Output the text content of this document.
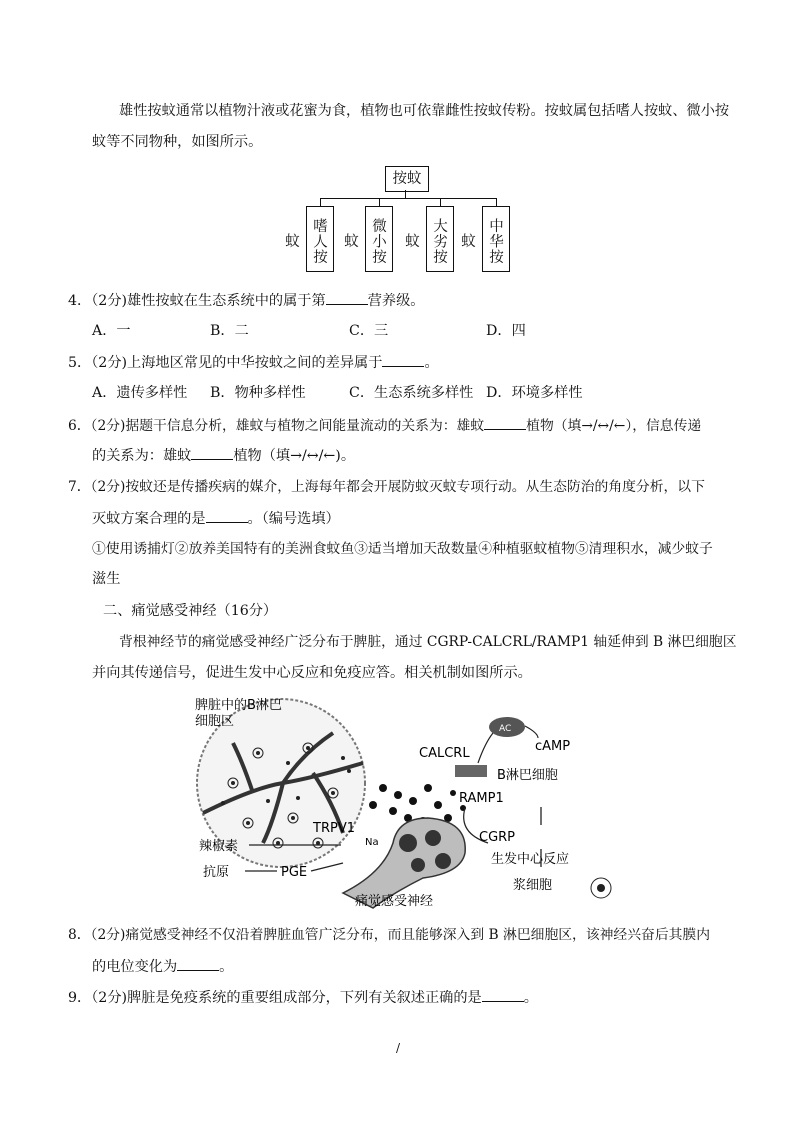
雄性按蚊通常以植物汁液或花蜜为食，植物也可依靠雌性按蚊传粉。按蚊属包括嗜人按蚊、微小按
蚊等不同物种，如图所示。
按蚊
嗜人按蚊	微小按蚊	大劣按蚊	中华按蚊
4．（2分)雄性按蚊在生态系统中的属于第	营养级。
A．一	B．二	C．三	D．四
5．（2分)上海地区常见的中华按蚊之间的差异属于	。
A．遗传多样性 B．物种多样性	C．生态系统多样性 D．环境多样性
6．（2分)据题干信息分析，雄蚊与植物之间能量流动的关系为：雄蚊	植物（填→/↔/←），信息传递
的关系为：雄蚊	植物（填→/↔/←)。
7．（2分)按蚊还是传播疾病的媒介，上海每年都会开展防蚊灭蚊专项行动。从生态防治的角度分析，以下
灭蚊方案合理的是	。（编号选填）
①使用诱捕灯②放养美国特有的美洲食蚊鱼③适当增加天敌数量④种植驱蚊植物⑤清理积水，减少蚊子
滋生
二、痛觉感受神经（16分）
背根神经节的痛觉感受神经广泛分布于脾脏，通过 CGRP-CALCRL/RAMP1 轴延伸到 B 淋巴细胞区
并向其传递信号，促进生发中心反应和免疫应答。相关机制如图所示。
脾脏中的B淋巴
细胞区	AC
cAMP
CALCRL
B淋巴细胞
RAMP1
TRPV1
Na	CGRP
辣椒素
抗原	PGE
生发中心反应
痛觉感受神经
浆细胞
8．（2分)痛觉感受神经不仅沿着脾脏血管广泛分布，而且能够深入到 B 淋巴细胞区，该神经兴奋后其膜内
的电位变化为	。
9．（2分)脾脏是免疫系统的重要组成部分，下列有关叙述正确的是	。
/
